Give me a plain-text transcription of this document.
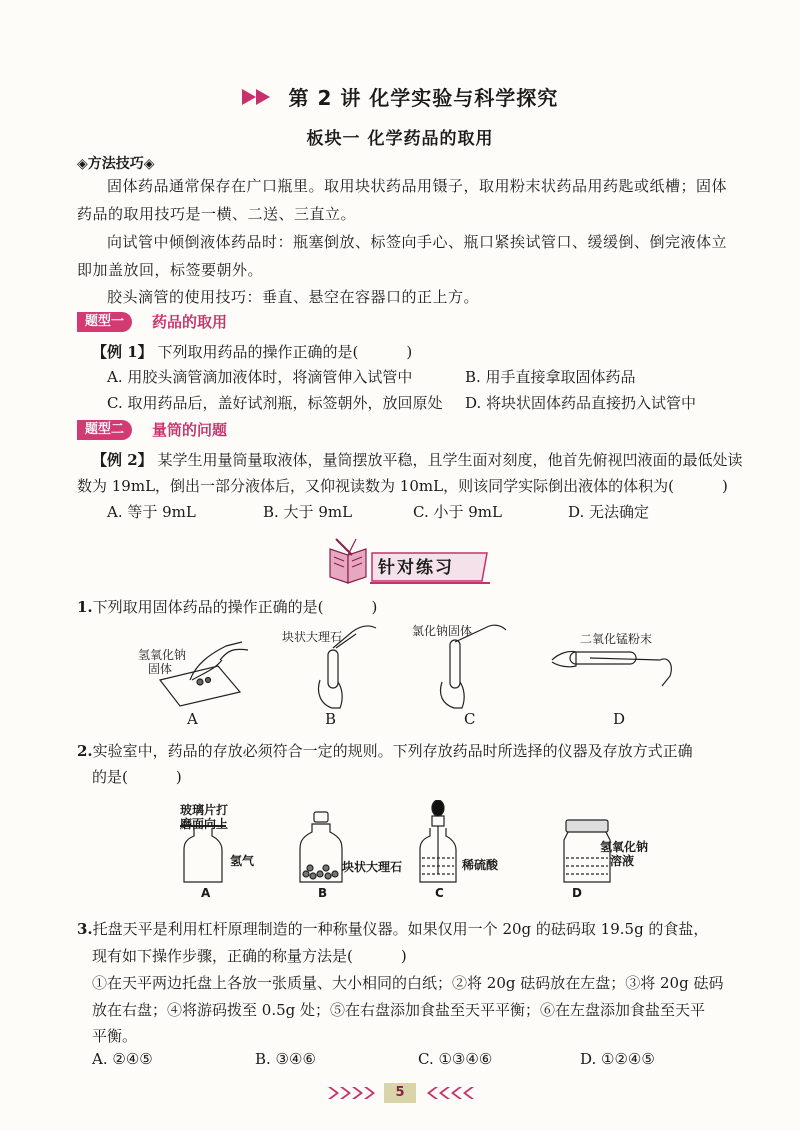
第 2 讲 化学实验与科学探究
板块一 化学药品的取用
◈方法技巧◈
固体药品通常保存在广口瓶里。取用块状药品用镊子，取用粉末状药品用药匙或纸槽；固体药品的取用技巧是一横、二送、三直立。
向试管中倾倒液体药品时：瓶塞倒放、标签向手心、瓶口紧挨试管口、缓缓倒、倒完液体立即加盖放回，标签要朝外。
胶头滴管的使用技巧：垂直、悬空在容器口的正上方。
题型一	药品的取用
【例 1】 下列取用药品的操作正确的是(	)
A. 用胶头滴管滴加液体时，将滴管伸入试管中	B. 用手直接拿取固体药品
C. 取用药品后，盖好试剂瓶，标签朝外，放回原处 D. 将块状固体药品直接扔入试管中
题型二	量筒的问题
【例 2】 某学生用量筒量取液体，量筒摆放平稳，且学生面对刻度，他首先俯视凹液面的最低处读
数为 19mL，倒出一部分液体后，又仰视读数为 10mL，则该同学实际倒出液体的体积为(	)
A. 等于 9mL	B. 大于 9mL	C. 小于 9mL	D. 无法确定
针对练习
1.下列取用固体药品的操作正确的是(	)
氢氧化钠
固体
块状大理石	氯化钠固体
二氧化锰粉末
A	B	C	D
2.实验室中，药品的存放必须符合一定的规则。下列存放药品时所选择的仪器及存放方式正确
的是(	)
玻璃片打
磨面向上
氢气	块状大理石	稀硫酸
氢氧化钠
溶液
A	B	C	D
3.托盘天平是利用杠杆原理制造的一种称量仪器。如果仅用一个 20g 的砝码取 19.5g 的食盐，
现有如下操作步骤，正确的称量方法是(	)
①在天平两边托盘上各放一张质量、大小相同的白纸；②将 20g 砝码放在左盘；③将 20g 砝码
放在右盘；④将游码拨至 0.5g 处；⑤在右盘添加食盐至天平平衡；⑥在左盘添加食盐至天平
平衡。
A. ②④⑤	B. ③④⑥	C. ①③④⑥	D. ①②④⑤
5
